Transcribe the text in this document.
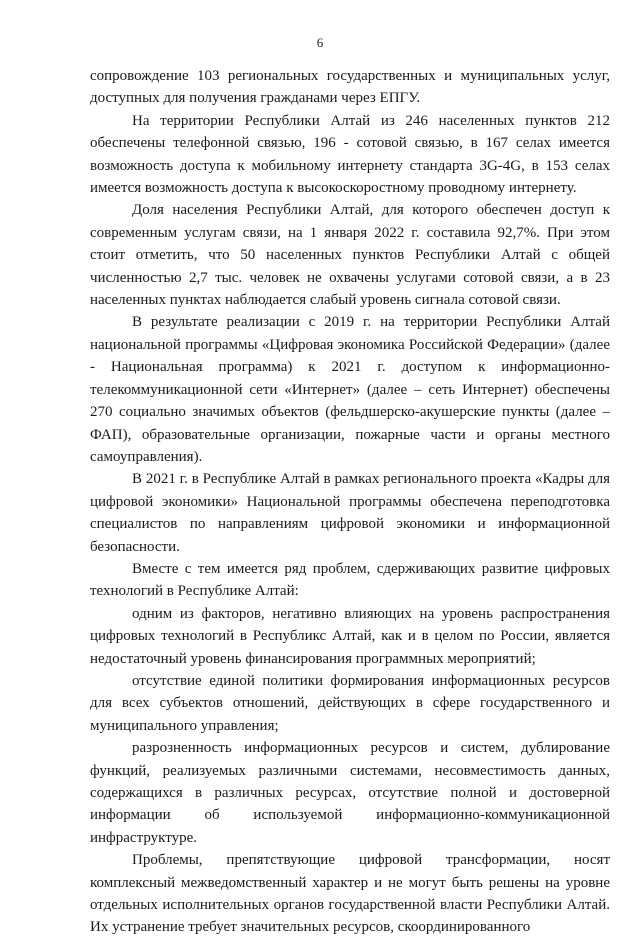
6

сопровождение 103 региональных государственных и муниципальных услуг, доступных для получения гражданами через ЕПГУ.

На территории Республики Алтай из 246 населенных пунктов 212 обеспечены телефонной связью, 196 - сотовой связью, в 167 селах имеется возможность доступа к мобильному интернету стандарта 3G-4G, в 153 селах имеется возможность доступа к высокоскоростному проводному интернету.

Доля населения Республики Алтай, для которого обеспечен доступ к современным услугам связи, на 1 января 2022 г. составила 92,7%. При этом стоит отметить, что 50 населенных пунктов Республики Алтай с общей численностью 2,7 тыс. человек не охвачены услугами сотовой связи, а в 23 населенных пунктах наблюдается слабый уровень сигнала сотовой связи.

В результате реализации с 2019 г. на территории Республики Алтай национальной программы «Цифровая экономика Российской Федерации» (далее - Национальная программа) к 2021 г. доступом к информационно-телекоммуникационной сети «Интернет» (далее – сеть Интернет) обеспечены 270 социально значимых объектов (фельдшерско-акушерские пункты (далее – ФАП), образовательные организации, пожарные части и органы местного самоуправления).

В 2021 г. в Республике Алтай в рамках регионального проекта «Кадры для цифровой экономики» Национальной программы обеспечена переподготовка специалистов по направлениям цифровой экономики и информационной безопасности.

Вместе с тем имеется ряд проблем, сдерживающих развитие цифровых технологий в Республике Алтай:

одним из факторов, негативно влияющих на уровень распространения цифровых технологий в Республикс Алтай, как и в целом по России, является недостаточный уровень финансирования программных мероприятий;

отсутствие единой политики формирования информационных ресурсов для всех субъектов отношений, действующих в сфере государственного и муниципального управления;

разрозненность информационных ресурсов и систем, дублирование функций, реализуемых различными системами, несовместимость данных, содержащихся в различных ресурсах, отсутствие полной и достоверной информации об используемой информационно-коммуникационной инфраструктуре.

Проблемы, препятствующие цифровой трансформации, носят комплексный межведомственный характер и не могут быть решены на уровне отдельных исполнительных органов государственной власти Республики Алтай. Их устранение требует значительных ресурсов, скоординированного
